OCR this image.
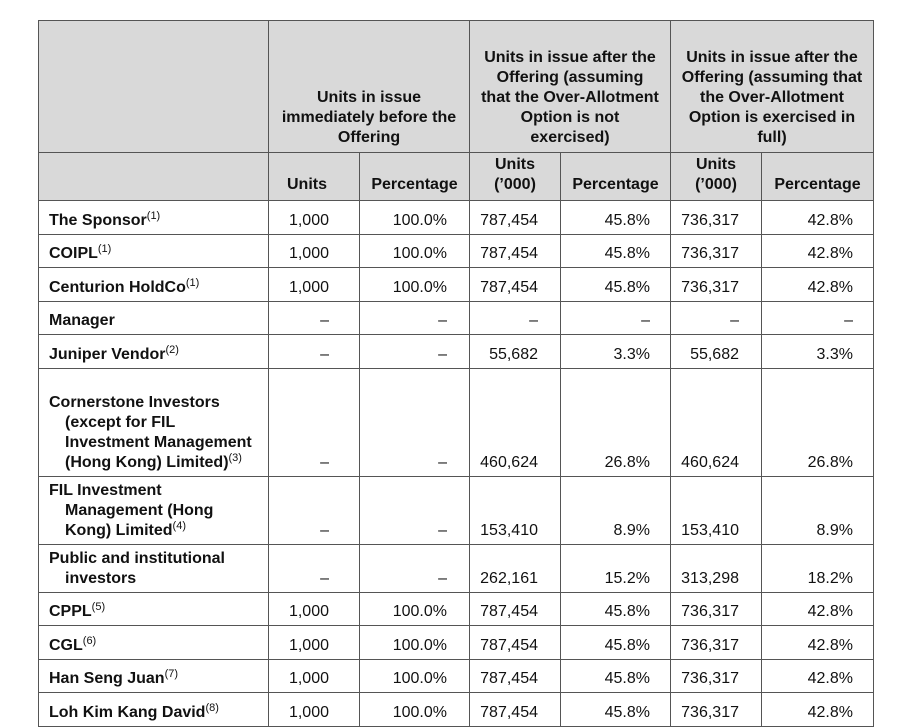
	Units in issue immediately before the Offering		Units in issue after the Offering (assuming that the Over-Allotment Option is not exercised)		Units in issue after the Offering (assuming that the Over-Allotment Option is exercised in full)	
	Units	Percentage	Units (’000)	Percentage	Units (’000)	Percentage

The Sponsor$^{(1)}$	1,000	100.0%	787,454	45.8%	736,317	42.8%

COIPL$^{(1)}$	1,000	100.0%	787,454	45.8%	736,317	42.8%

Centurion HoldCo$^{(1)}$	1,000	100.0%	787,454	45.8%	736,317	42.8%

Manager	–	–	–	–	–	–

Juniper Vendor$^{(2)}$	–	–	55,682	3.3%	55,682	3.3%

Cornerstone Investors (except for FIL Investment Management (Hong Kong) Limited)$^{(3)}$	–	–	460,624	26.8%	460,624	26.8%

FIL Investment Management (Hong Kong) Limited$^{(4)}$	–	–	153,410	8.9%	153,410	8.9%

Public and institutional investors	–	–	262,161	15.2%	313,298	18.2%

CPPL$^{(5)}$	1,000	100.0%	787,454	45.8%	736,317	42.8%

CGL$^{(6)}$	1,000	100.0%	787,454	45.8%	736,317	42.8%

Han Seng Juan$^{(7)}$	1,000	100.0%	787,454	45.8%	736,317	42.8%

Loh Kim Kang David$^{(8)}$	1,000	100.0%	787,454	45.8%	736,317	42.8%
